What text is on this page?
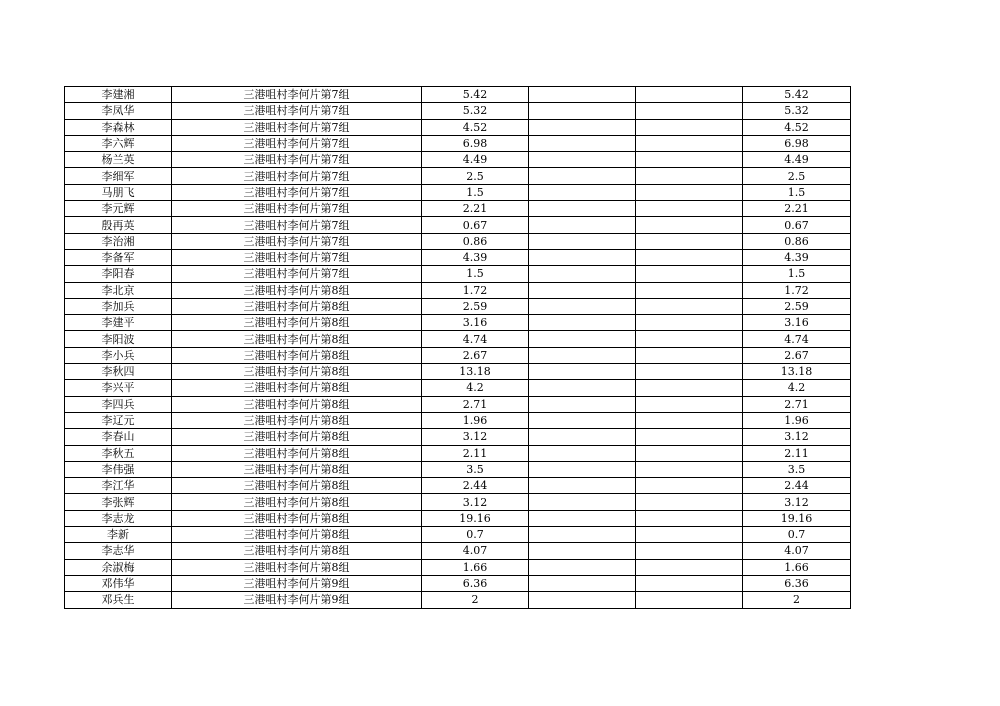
李建湘	三港咀村李何片第7组	5.42			5.42
李凤华	三港咀村李何片第7组	5.32			5.32
李森林	三港咀村李何片第7组	4.52			4.52
李六辉	三港咀村李何片第7组	6.98			6.98
杨兰英	三港咀村李何片第7组	4.49			4.49
李细军	三港咀村李何片第7组	2.5			2.5
马朋飞	三港咀村李何片第7组	1.5			1.5
李元辉	三港咀村李何片第7组	2.21			2.21
殷再英	三港咀村李何片第7组	0.67			0.67
李治湘	三港咀村李何片第7组	0.86			0.86
李备军	三港咀村李何片第7组	4.39			4.39
李阳春	三港咀村李何片第7组	1.5			1.5
李北京	三港咀村李何片第8组	1.72			1.72
李加兵	三港咀村李何片第8组	2.59			2.59
李建平	三港咀村李何片第8组	3.16			3.16
李阳波	三港咀村李何片第8组	4.74			4.74
李小兵	三港咀村李何片第8组	2.67			2.67
李秋四	三港咀村李何片第8组	13.18			13.18
李兴平	三港咀村李何片第8组	4.2			4.2
李四兵	三港咀村李何片第8组	2.71			2.71
李辽元	三港咀村李何片第8组	1.96			1.96
李春山	三港咀村李何片第8组	3.12			3.12
李秋五	三港咀村李何片第8组	2.11			2.11
李伟强	三港咀村李何片第8组	3.5			3.5
李江华	三港咀村李何片第8组	2.44			2.44
李张辉	三港咀村李何片第8组	3.12			3.12
李志龙	三港咀村李何片第8组	19.16			19.16
李新	三港咀村李何片第8组	0.7			0.7
李志华	三港咀村李何片第8组	4.07			4.07
余淑梅	三港咀村李何片第8组	1.66			1.66
邓伟华	三港咀村李何片第9组	6.36			6.36
邓兵生	三港咀村李何片第9组	2			2
